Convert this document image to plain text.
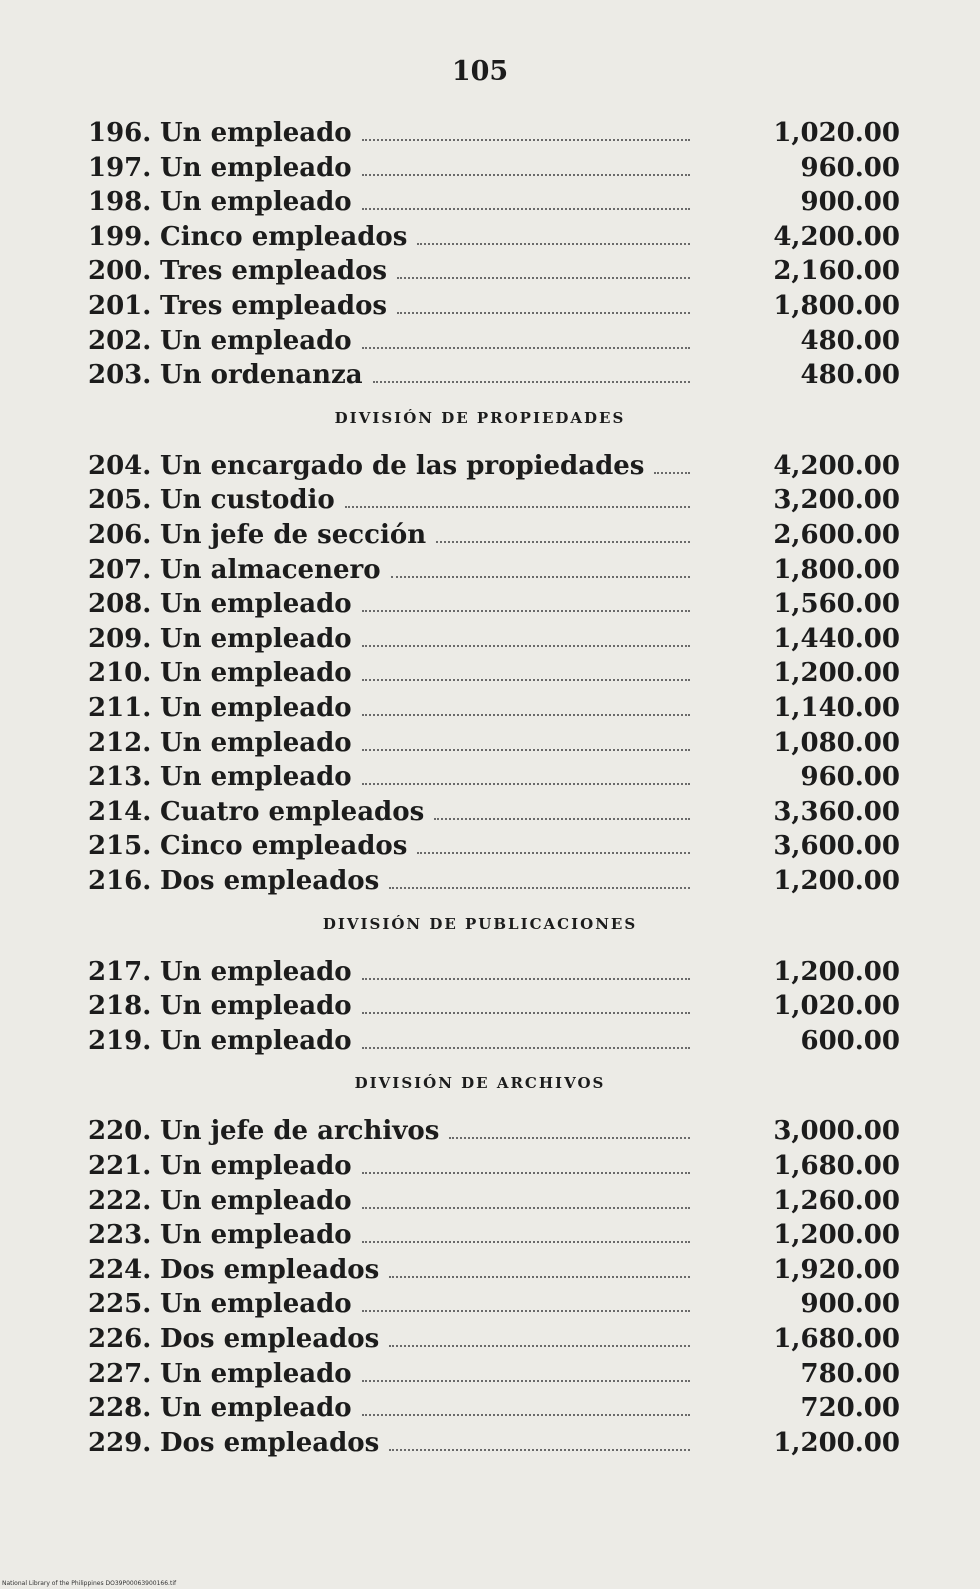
105
196. Un empleado	1,020.00
197. Un empleado	960.00
198. Un empleado	900.00
199. Cinco empleados	4,200.00
200. Tres empleados	2,160.00
201. Tres empleados	1,800.00
202. Un empleado	480.00
203. Un ordenanza	480.00
DIVISIÓN DE PROPIEDADES
204. Un encargado de las propiedades	4,200.00
205. Un custodio	3,200.00
206. Un jefe de sección	2,600.00
207. Un almacenero	1,800.00
208. Un empleado	1,560.00
209. Un empleado	1,440.00
210. Un empleado	1,200.00
211. Un empleado	1,140.00
212. Un empleado	1,080.00
213. Un empleado	960.00
214. Cuatro empleados	3,360.00
215. Cinco empleados	3,600.00
216. Dos empleados	1,200.00
DIVISIÓN DE PUBLICACIONES
217. Un empleado	1,200.00
218. Un empleado	1,020.00
219. Un empleado	600.00
DIVISIÓN DE ARCHIVOS
220. Un jefe de archivos	3,000.00
221. Un empleado	1,680.00
222. Un empleado	1,260.00
223. Un empleado	1,200.00
224. Dos empleados	1,920.00
225. Un empleado	900.00
226. Dos empleados	1,680.00
227. Un empleado	780.00
228. Un empleado	720.00
229. Dos empleados	1,200.00
National Library of the Philippines DO39P00063900166.tif
